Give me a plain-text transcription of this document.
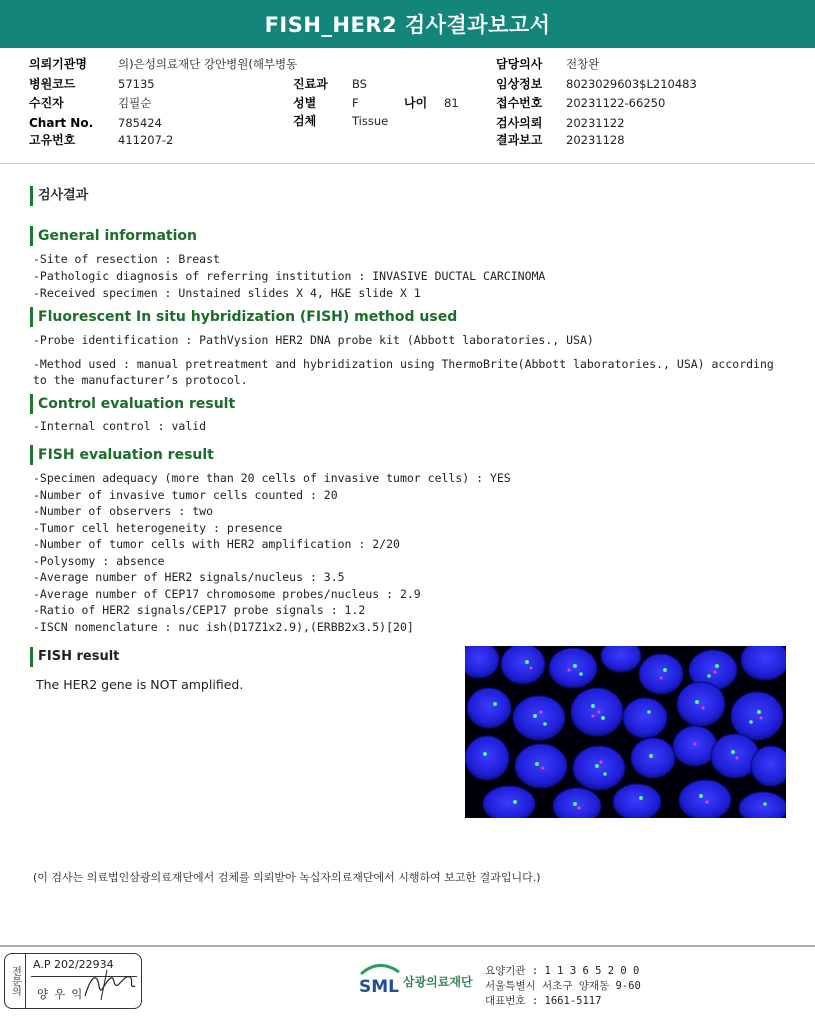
FISH_HER2 검사결과보고서
의뢰기관명	의)은성의료재단 강안병원(해부병동
병원코드	57135
수진자	김필순
Chart No. 785424
고유번호	411207-2
진료과 BS
성별	F	나이 81
검체	Tissue
담당의사 전창완
임상정보 8023029603$L210483
접수번호 20231122-66250
검사의뢰 20231122
결과보고 20231128
검사결과
General information
-Site of resection : Breast
-Pathologic diagnosis of referring institution : INVASIVE DUCTAL CARCINOMA
-Received specimen : Unstained slides X 4, H&E slide X 1
Fluorescent In situ hybridization (FISH) method used
-Probe identification : PathVysion HER2 DNA probe kit (Abbott laboratories., USA)
-Method used : manual pretreatment and hybridization using ThermoBrite(Abbott laboratories., USA) according
to the manufacturer’s protocol.
Control evaluation result
-Internal control : valid
FISH evaluation result
-Specimen adequacy (more than 20 cells of invasive tumor cells) : YES
-Number of invasive tumor cells counted : 20
-Number of observers : two
-Tumor cell heterogeneity : presence
-Number of tumor cells with HER2 amplification : 2/20
-Polysomy : absence
-Average number of HER2 signals/nucleus : 3.5
-Average number of CEP17 chromosome probes/nucleus : 2.9
-Ratio of HER2 signals/CEP17 probe signals : 1.2
-ISCN nomenclature : nuc ish(D17Z1x2.9),(ERBB2x3.5)[20]
FISH result
The HER2 gene is NOT amplified.
(이 검사는 의료법인삼광의료재단에서 검체를 의뢰받아 녹십자의료재단에서 시행하여 보고한 결과입니다.)
전문의
A.P 202/22934
양우익	SML 삼광의료재단
요양기관 : 1 1 3 6 5 2 0 0
서울특별시 서초구 양재동 9-60
대표번호 : 1661-5117
